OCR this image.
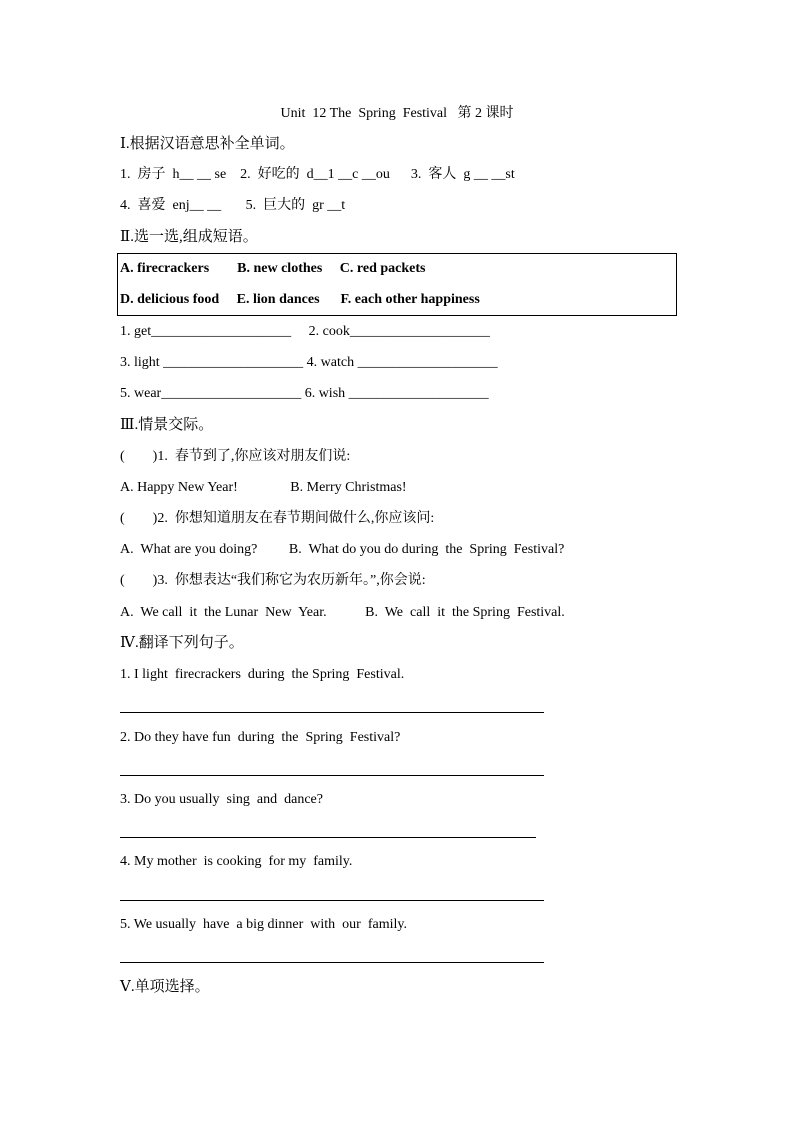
Unit  12 The  Spring  Festival   第 2 课时
Ⅰ.根据汉语意思补全单词。
1.  房子  h__ __ se    2.  好吃的  d__1 __c __ou      3.  客人  g __ __st
4.  喜爱  enj__ __       5.  巨大的  gr __t
Ⅱ.选一选,组成短语。
A. firecrackers        B. new clothes     C. red packets
D. delicious food     E. lion dances      F. each other happiness
1. get____________________     2. cook____________________
3. light ____________________ 4. watch ____________________
5. wear____________________ 6. wish ____________________
Ⅲ.情景交际。
(        )1.  春节到了,你应该对朋友们说:
A. Happy New Year!               B. Merry Christmas!
(        )2.  你想知道朋友在春节期间做什么,你应该问:
A.  What are you doing?         B.  What do you do during  the  Spring  Festival?
(        )3.  你想表达“我们称它为农历新年。”,你会说:
A.  We call  it  the Lunar  New  Year.           B.  We  call  it  the Spring  Festival.
Ⅳ.翻译下列句子。
1. I light  firecrackers  during  the Spring  Festival.
2. Do they have fun  during  the  Spring  Festival?
3. Do you usually  sing  and  dance?
4. My mother  is cooking  for my  family.
5. We usually  have  a big dinner  with  our  family.
Ⅴ.单项选择。
